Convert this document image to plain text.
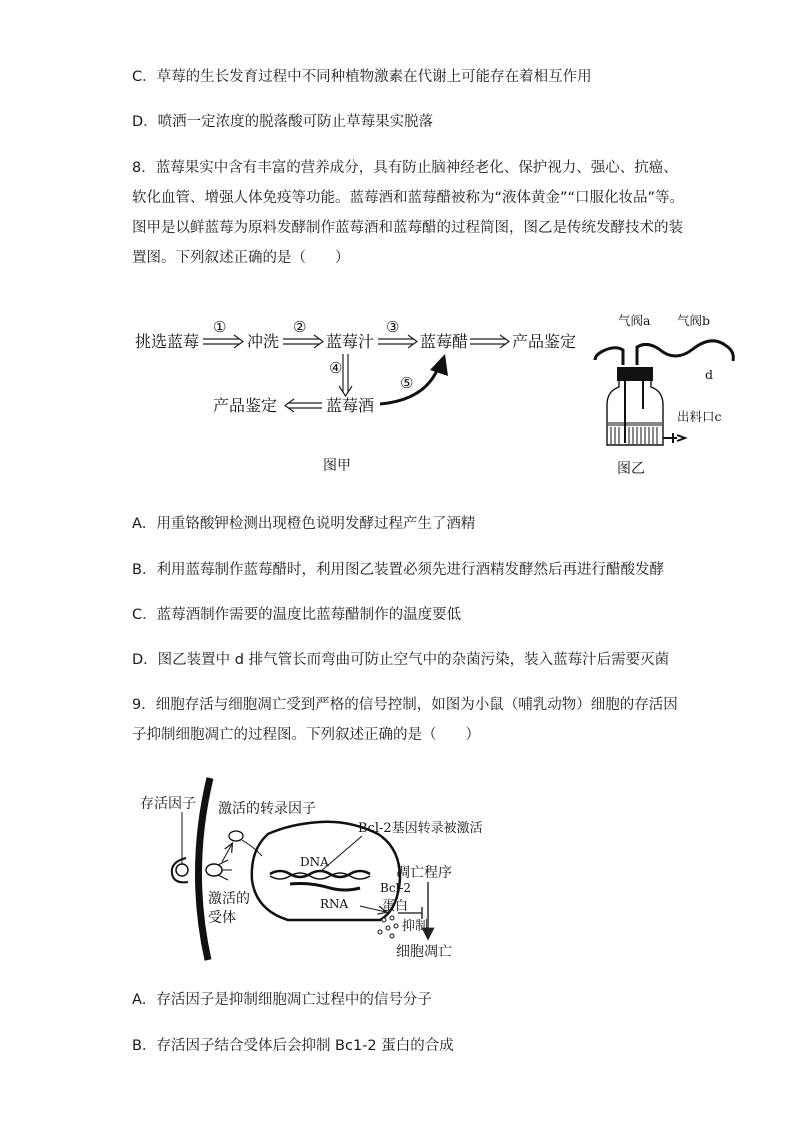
C．草莓的生长发育过程中不同种植物激素在代谢上可能存在着相互作用
D．喷洒一定浓度的脱落酸可防止草莓果实脱落
8．蓝莓果实中含有丰富的营养成分，具有防止脑神经老化、保护视力、强心、抗癌、
软化血管、增强人体免疫等功能。蓝莓酒和蓝莓醋被称为“液体黄金”“口服化妆品”等。
图甲是以鲜蓝莓为原料发酵制作蓝莓酒和蓝莓醋的过程简图，图乙是传统发酵技术的装
置图。下列叙述正确的是（　　）
挑选蓝莓	冲洗	蓝莓汁	蓝莓醋	产品鉴定
蓝莓酒
产品鉴定
①	②	③
④
⑤
图甲
气阀a 气阀b
d
出料口c
图乙
A．用重铬酸钾检测出现橙色说明发酵过程产生了酒精
B．利用蓝莓制作蓝莓醋时，利用图乙装置必须先进行酒精发酵然后再进行醋酸发酵
C．蓝莓酒制作需要的温度比蓝莓醋制作的温度要低
D．图乙装置中 d 排气管长而弯曲可防止空气中的杂菌污染，装入蓝莓汁后需要灭菌
9．细胞存活与细胞凋亡受到严格的信号控制，如图为小鼠（哺乳动物）细胞的存活因
子抑制细胞凋亡的过程图。下列叙述正确的是（　　）
存活因子
激活的
受体
激活的转录因子
Bcl-2基因转录被激活
DNA
RNA
凋亡程序
Bcl-2
蛋白
抑制
细胞凋亡
A．存活因子是抑制细胞凋亡过程中的信号分子
B．存活因子结合受体后会抑制 Bc1-2 蛋白的合成
